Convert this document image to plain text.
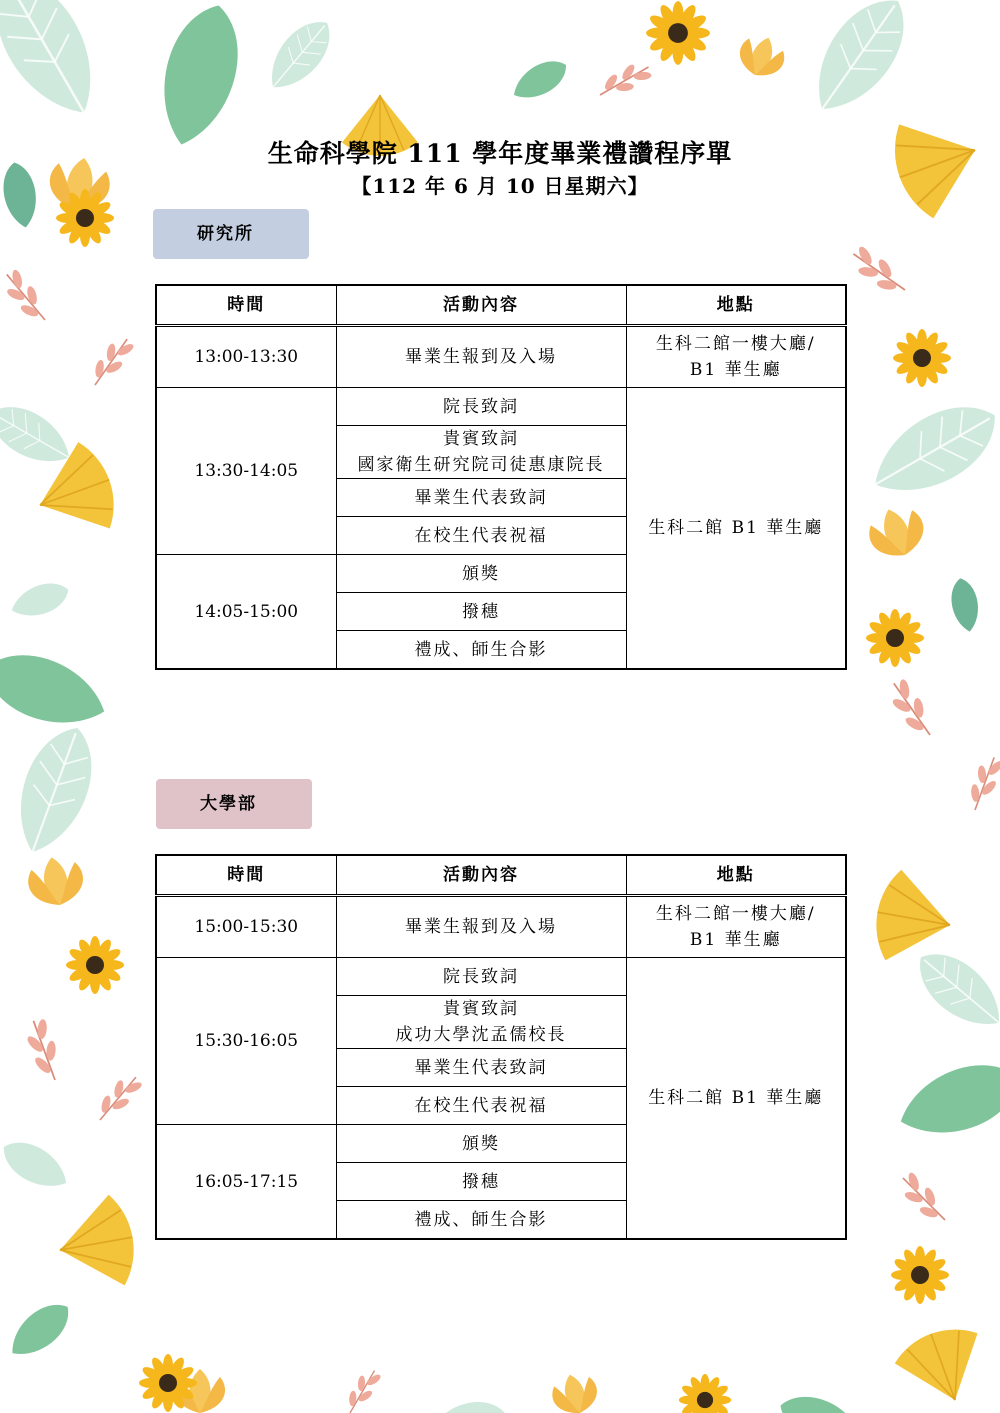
生命科學院 111 學年度畢業禮讚程序單

【112 年 6 月 10 日星期六】

研究所
時間	活動內容	地點
13:00-13:30	畢業生報到及入場	生科二館一樓大廳/
B1 華生廳

13:30-14:05	院長致詞	生科二館 B1 華生廳

	貴賓致詞
國家衛生研究院司徒惠康院長	

	畢業生代表致詞	
	在校生代表祝福	
14:05-15:00	頒獎	
	撥穗	
	禮成、師生合影	
大學部
時間	活動內容	地點
15:00-15:30	畢業生報到及入場	生科二館一樓大廳/
B1 華生廳

15:30-16:05	院長致詞	生科二館 B1 華生廳

	貴賓致詞
成功大學沈孟儒校長	

	畢業生代表致詞	
	在校生代表祝福	
16:05-17:15	頒獎	
	撥穗	
	禮成、師生合影	
